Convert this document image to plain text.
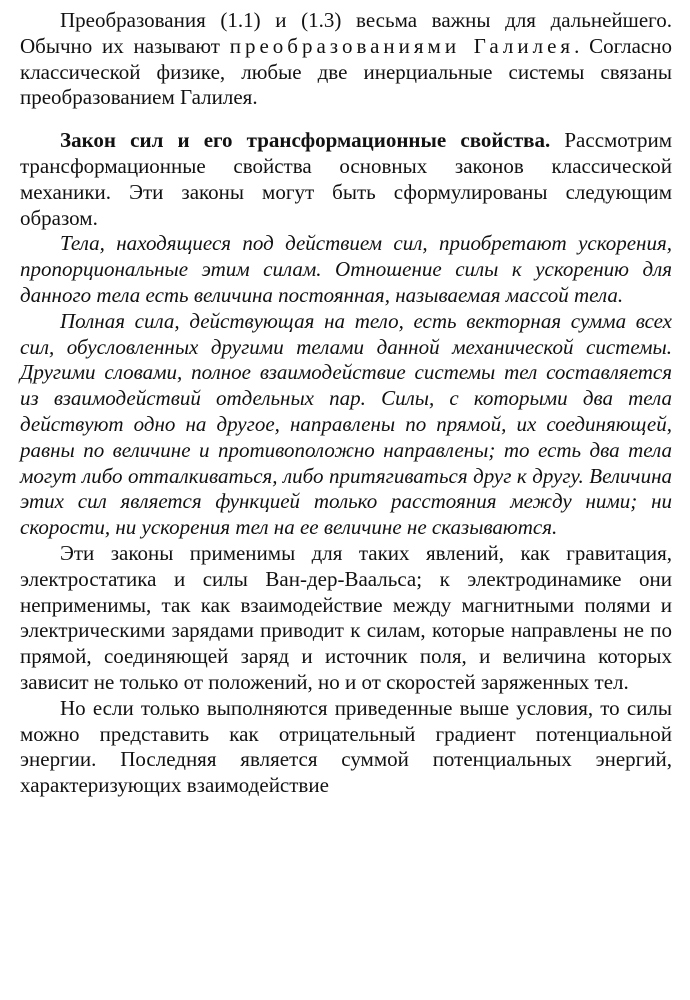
Преобразования (1.1) и (1.3) весьма важны для дальнейшего. Обычно их называют преобразованиями Галилея. Согласно классической физике, любые две инерциальные системы связаны преобразованием Галилея.

Закон сил и его трансформационные свойства. Рассмотрим трансформационные свойства основных законов классической механики. Эти законы могут быть сформулированы следующим образом.

Тела, находящиеся под действием сил, приобретают ускорения, пропорциональные этим силам. Отношение силы к ускорению для данного тела есть величина постоянная, называемая массой тела.

Полная сила, действующая на тело, есть векторная сумма всех сил, обусловленных другими телами данной механической системы. Другими словами, полное взаимодействие системы тел составляется из взаимодействий отдельных пар. Силы, с которыми два тела действуют одно на другое, направлены по прямой, их соединяющей, равны по величине и противоположно направлены; то есть два тела могут либо отталкиваться, либо притягиваться друг к другу. Величина этих сил является функцией только расстояния между ними; ни скорости, ни ускорения тел на ее величине не сказываются.

Эти законы применимы для таких явлений, как гравитация, электростатика и силы Ван-дер-Ваальса; к электродинамике они неприменимы, так как взаимодействие между магнитными полями и электрическими зарядами приводит к силам, которые направлены не по прямой, соединяющей заряд и источник поля, и величина которых зависит не только от положений, но и от скоростей заряженных тел.

Но если только выполняются приведенные выше условия, то силы можно представить как отрицательный градиент потенциальной энергии. Последняя является суммой потенциальных энергий, характеризующих взаимодействие
